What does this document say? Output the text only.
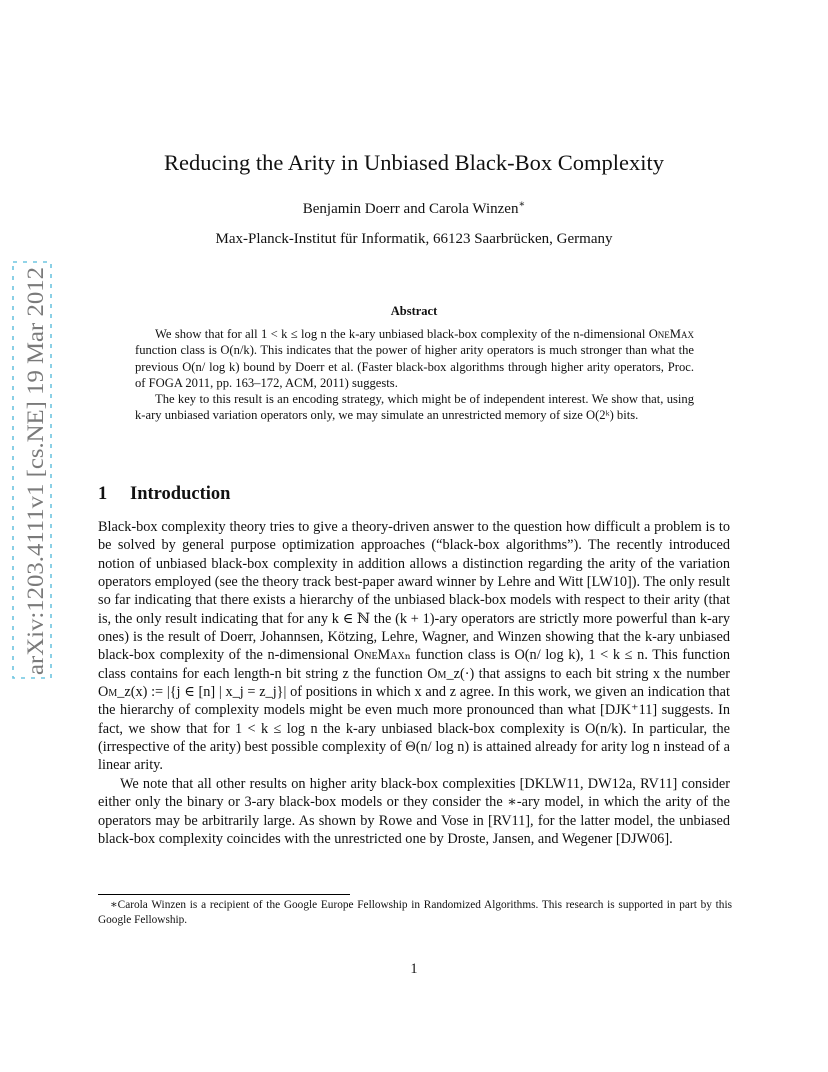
arXiv:1203.4111v1 [cs.NE] 19 Mar 2012
Reducing the Arity in Unbiased Black-Box Complexity
Benjamin Doerr and Carola Winzen∗
Max-Planck-Institut für Informatik, 66123 Saarbrücken, Germany
Abstract

We show that for all 1 < k ≤ log n the k-ary unbiased black-box complexity of the n-dimensional OneMax function class is O(n/k). This indicates that the power of higher arity operators is much stronger than what the previous O(n/ log k) bound by Doerr et al. (Faster black-box algorithms through higher arity operators, Proc. of FOGA 2011, pp. 163–172, ACM, 2011) suggests.

The key to this result is an encoding strategy, which might be of independent interest. We show that, using k-ary unbiased variation operators only, we may simulate an unrestricted memory of size O(2ᵏ) bits.

1 Introduction

Black-box complexity theory tries to give a theory-driven answer to the question how difficult a problem is to be solved by general purpose optimization approaches (“black-box algorithms”). The recently introduced notion of unbiased black-box complexity in addition allows a distinction regarding the arity of the variation operators employed (see the theory track best-paper award winner by Lehre and Witt [LW10]). The only result so far indicating that there exists a hierarchy of the unbiased black-box models with respect to their arity (that is, the only result indicating that for any k ∈ ℕ the (k + 1)-ary operators are strictly more powerful than k-ary ones) is the result of Doerr, Johannsen, Kötzing, Lehre, Wagner, and Winzen showing that the k-ary unbiased black-box complexity of the n-dimensional OneMaxₙ function class is O(n/ log k), 1 < k ≤ n. This function class contains for each length-n bit string z the function Om_z(·) that assigns to each bit string x the number Om_z(x) := |{j ∈ [n] | x_j = z_j}| of positions in which x and z agree. In this work, we given an indication that the hierarchy of complexity models might be even much more pronounced than what [DJK⁺11] suggests. In fact, we show that for 1 < k ≤ log n the k-ary unbiased black-box complexity is O(n/k). In particular, the (irrespective of the arity) best possible complexity of Θ(n/ log n) is attained already for arity log n instead of a linear arity.

We note that all other results on higher arity black-box complexities [DKLW11, DW12a, RV11] consider either only the binary or 3-ary black-box models or they consider the ∗-ary model, in which the arity of the operators may be arbitrarily large. As shown by Rowe and Vose in [RV11], for the latter model, the unbiased black-box complexity coincides with the unrestricted one by Droste, Jansen, and Wegener [DJW06].

∗Carola Winzen is a recipient of the Google Europe Fellowship in Randomized Algorithms. This research is supported in part by this Google Fellowship.

1
